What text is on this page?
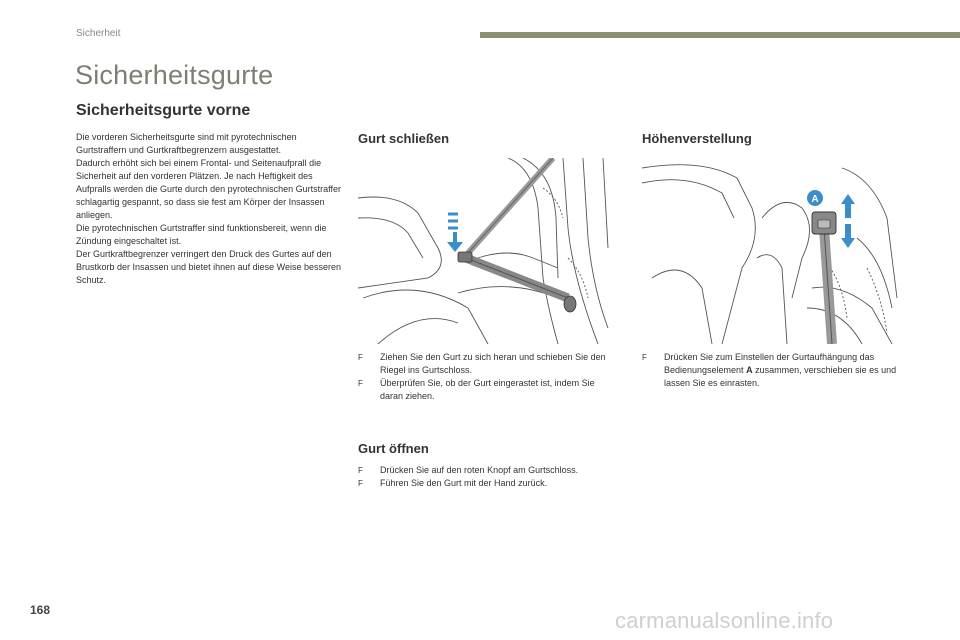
Sicherheit
Sicherheitsgurte
Sicherheitsgurte vorne

Die vorderen Sicherheitsgurte sind mit pyrotechnischen Gurtstraffern und Gurtkraftbegrenzern ausgestattet.

Dadurch erhöht sich bei einem Frontal- und Seitenaufprall die Sicherheit auf den vorderen Plätzen. Je nach Heftigkeit des Aufpralls werden die Gurte durch den pyrotechnischen Gurtstraffer schlagartig gespannt, so dass sie fest am Körper der Insassen anliegen.

Die pyrotechnischen Gurtstraffer sind funktionsbereit, wenn die Zündung eingeschaltet ist.

Der Gurtkraftbegrenzer verringert den Druck des Gurtes auf den Brustkorb der Insassen und bietet ihnen auf diese Weise besseren Schutz.

Gurt schließen
F Ziehen Sie den Gurt zu sich heran und schieben Sie den Riegel ins Gurtschloss.
F Überprüfen Sie, ob der Gurt eingerastet ist, indem Sie daran ziehen.
Gurt öffnen
F Drücken Sie auf den roten Knopf am Gurtschloss.
F Führen Sie den Gurt mit der Hand zurück.
Höhenverstellung
A
F Drücken Sie zum Einstellen der Gurtaufhängung das Bedienungselement A zusammen, verschieben sie es und lassen Sie es einrasten.
168	carmanualsonline.info
